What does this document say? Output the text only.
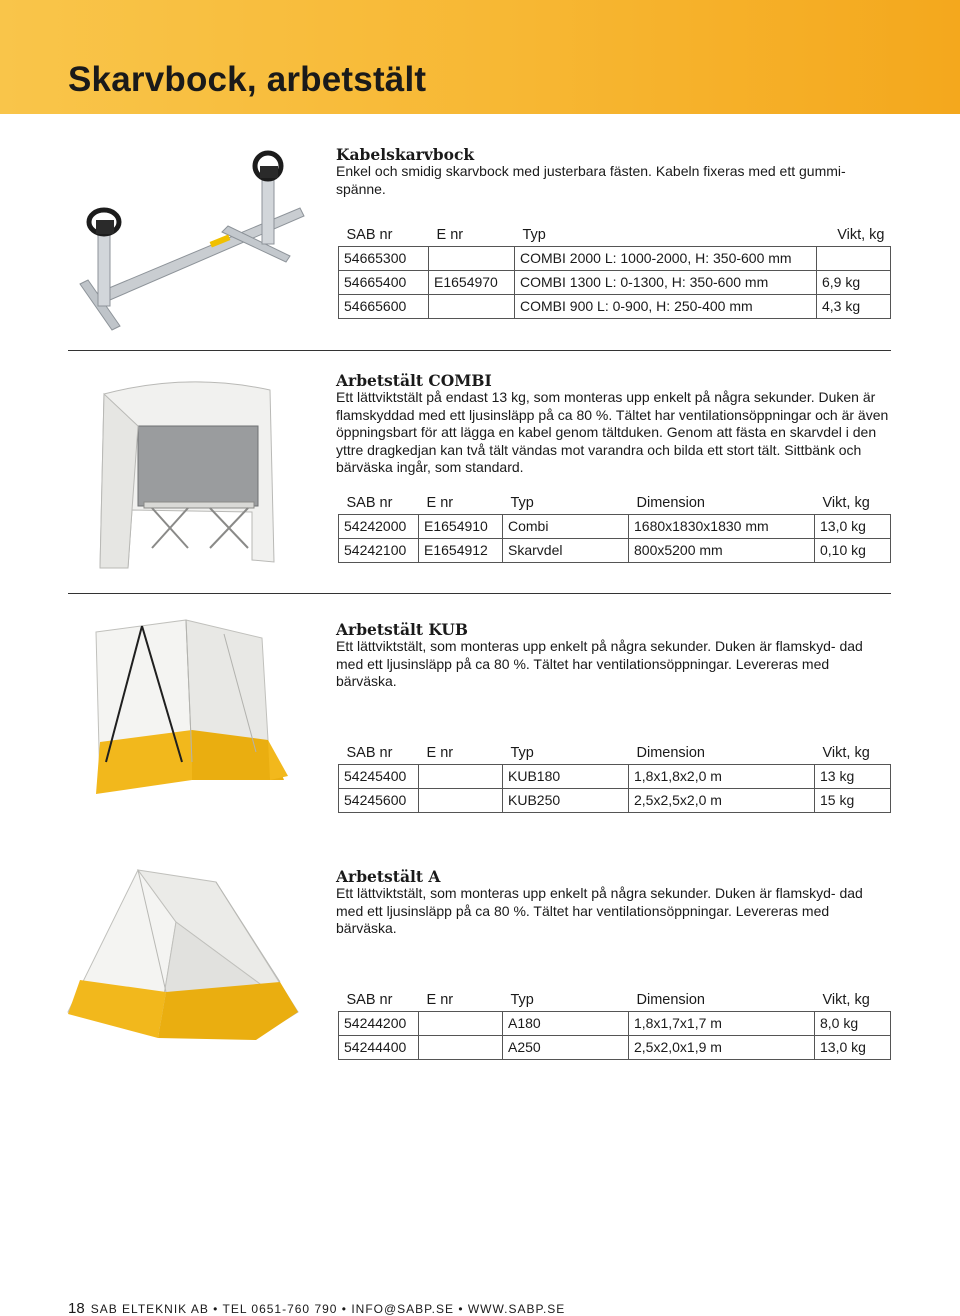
Skarvbock, arbetstält
Kabelskarvbock
Enkel och smidig skarvbock med justerbara fästen. Kabeln fixeras med ett gummi- spänne.
SAB nr	E nr	Typ	Vikt, kg
54665300		COMBI 2000 L: 1000-2000, H: 350-600 mm	
54665400	E1654970	COMBI 1300 L: 0-1300, H: 350-600 mm	6,9 kg
54665600		COMBI 900 L: 0-900, H: 250-400 mm	4,3 kg
Arbetstält COMBI
Ett lättviktstält på endast 13 kg, som monteras upp enkelt på några sekunder. Duken är flamskyddad med ett ljusinsläpp på ca 80 %. Tältet har ventilationsöppningar och är även öppningsbart för att lägga en kabel genom tältduken. Genom att fästa en skarvdel i den yttre dragkedjan kan två tält vändas mot varandra och bilda ett stort tält. Sittbänk och bärväska ingår, som standard.
SAB nr	E nr	Typ	Dimension	Vikt, kg
54242000	E1654910	Combi	1680x1830x1830 mm	13,0 kg
54242100	E1654912	Skarvdel	800x5200 mm	0,10 kg
Arbetstält KUB
Ett lättviktstält, som monteras upp enkelt på några sekunder. Duken är flamskyd- dad med ett ljusinsläpp på ca 80 %. Tältet har ventilationsöppningar. Levereras med bärväska.
SAB nr	E nr	Typ	Dimension	Vikt, kg
54245400		KUB180	1,8x1,8x2,0 m	13 kg
54245600		KUB250	2,5x2,5x2,0 m	15 kg
Arbetstält A
Ett lättviktstält, som monteras upp enkelt på några sekunder. Duken är flamskyd- dad med ett ljusinsläpp på ca 80 %. Tältet har ventilationsöppningar. Levereras med bärväska.
SAB nr	E nr	Typ	Dimension	Vikt, kg
54244200		A180	1,8x1,7x1,7 m	8,0 kg
54244400		A250	2,5x2,0x1,9 m	13,0 kg
18 SAB ELTEKNIK AB • TEL 0651-760 790 • INFO@SABP.SE • WWW.SABP.SE
